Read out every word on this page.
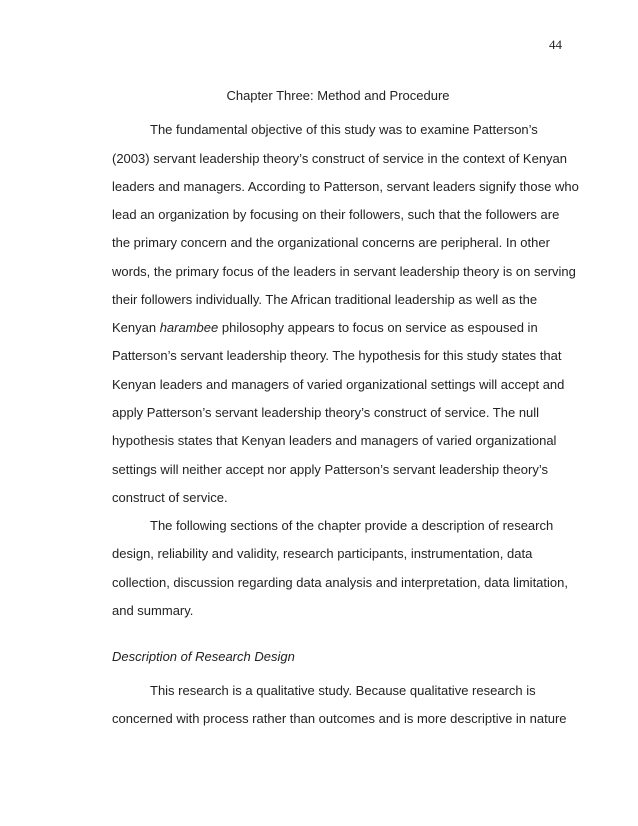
44
Chapter Three: Method and Procedure
The fundamental objective of this study was to examine Patterson’s
(2003) servant leadership theory’s construct of service in the context of Kenyan
leaders and managers. According to Patterson, servant leaders signify those who
lead an organization by focusing on their followers, such that the followers are
the primary concern and the organizational concerns are peripheral. In other
words, the primary focus of the leaders in servant leadership theory is on serving
their followers individually. The African traditional leadership as well as the
Kenyan harambee philosophy appears to focus on service as espoused in
Patterson’s servant leadership theory. The hypothesis for this study states that
Kenyan leaders and managers of varied organizational settings will accept and
apply Patterson’s servant leadership theory’s construct of service. The null
hypothesis states that Kenyan leaders and managers of varied organizational
settings will neither accept nor apply Patterson’s servant leadership theory’s
construct of service.
The following sections of the chapter provide a description of research
design, reliability and validity, research participants, instrumentation, data
collection, discussion regarding data analysis and interpretation, data limitation,
and summary.
Description of Research Design
This research is a qualitative study. Because qualitative research is
concerned with process rather than outcomes and is more descriptive in nature
